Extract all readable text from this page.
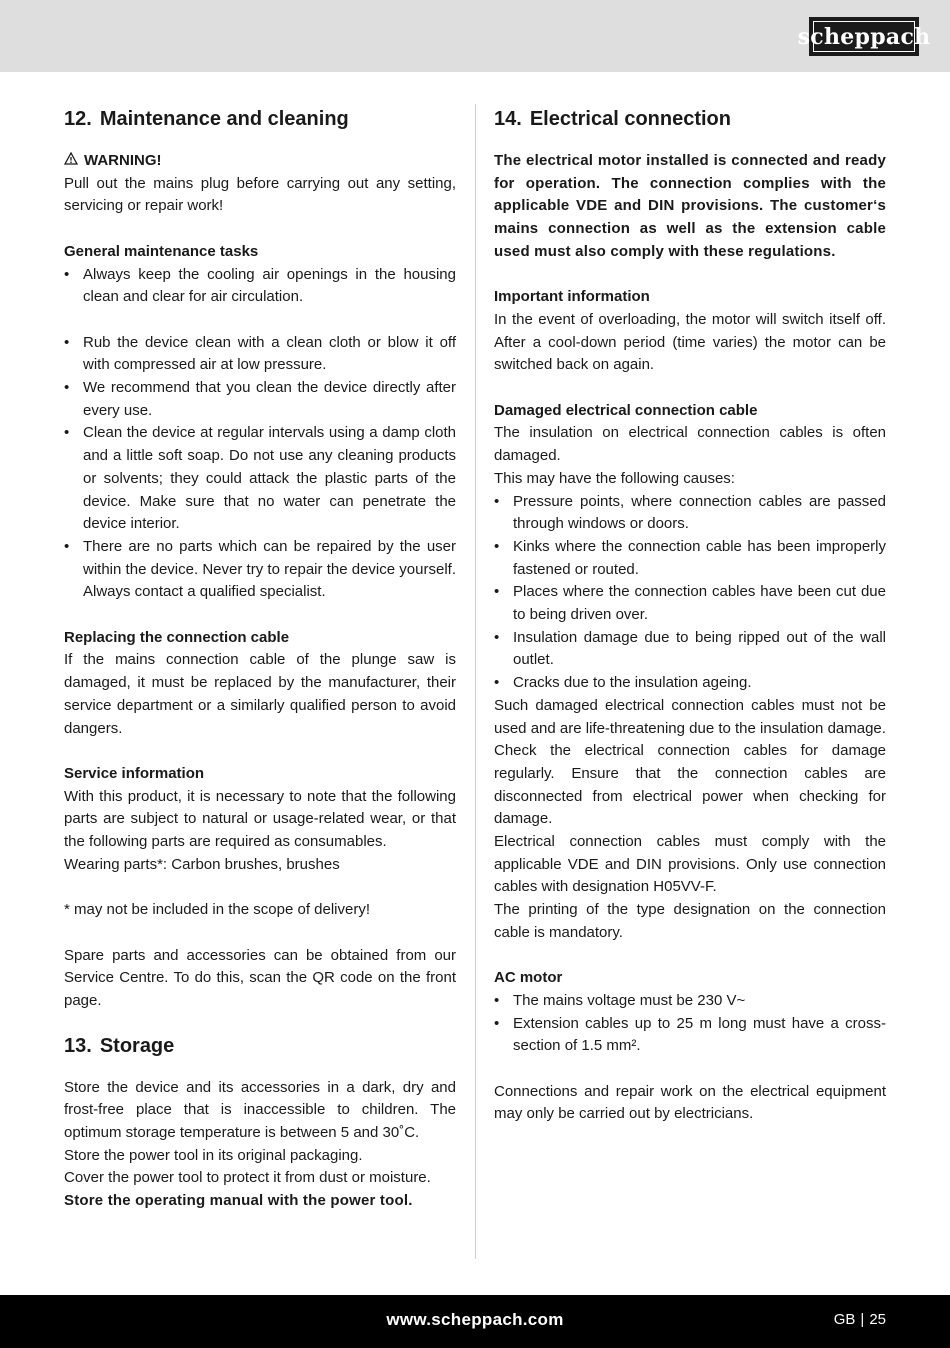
scheppach
12. Maintenance and cleaning

WARNING!

Pull out the mains plug before carrying out any setting, servicing or repair work!

General maintenance tasks

• Always keep the cooling air openings in the housing clean and clear for air circulation.
• Rub the device clean with a clean cloth or blow it off with compressed air at low pressure.
• We recommend that you clean the device directly after every use.
• Clean the device at regular intervals using a damp cloth and a little soft soap. Do not use any cleaning products or solvents; they could attack the plastic parts of the device. Make sure that no water can penetrate the device interior.
• There are no parts which can be repaired by the user within the device. Never try to repair the device yourself. Always contact a qualified specialist.

Replacing the connection cable

If the mains connection cable of the plunge saw is damaged, it must be replaced by the manufacturer, their service department or a similarly qualified person to avoid dangers.

Service information

With this product, it is necessary to note that the following parts are subject to natural or usage-related wear, or that the following parts are required as consumables.

Wearing parts*: Carbon brushes, brushes

* may not be included in the scope of delivery!

Spare parts and accessories can be obtained from our Service Centre. To do this, scan the QR code on the front page.

13. Storage

Store the device and its accessories in a dark, dry and frost-free place that is inaccessible to children. The optimum storage temperature is between 5 and 30˚C.

Store the power tool in its original packaging.

Cover the power tool to protect it from dust or moisture.

Store the operating manual with the power tool.

14. Electrical connection

The electrical motor installed is connected and ready for operation. The connection complies with the applicable VDE and DIN provisions. The customer‘s mains connection as well as the extension cable used must also comply with these regulations.

Important information

In the event of overloading, the motor will switch itself off. After a cool-down period (time varies) the motor can be switched back on again.

Damaged electrical connection cable

The insulation on electrical connection cables is often damaged.

This may have the following causes:

• Pressure points, where connection cables are passed through windows or doors.
• Kinks where the connection cable has been improperly fastened or routed.
• Places where the connection cables have been cut due to being driven over.
• Insulation damage due to being ripped out of the wall outlet.
• Cracks due to the insulation ageing.

Such damaged electrical connection cables must not be used and are life-threatening due to the insulation damage.

Check the electrical connection cables for damage regularly. Ensure that the connection cables are disconnected from electrical power when checking for damage.

Electrical connection cables must comply with the applicable VDE and DIN provisions. Only use connection cables with designation H05VV-F.

The printing of the type designation on the connection cable is mandatory.

AC motor

• The mains voltage must be 230 V~
• Extension cables up to 25 m long must have a cross-section of 1.5 mm².

Connections and repair work on the electrical equipment may only be carried out by electricians.

www.scheppach.com	GB | 25
